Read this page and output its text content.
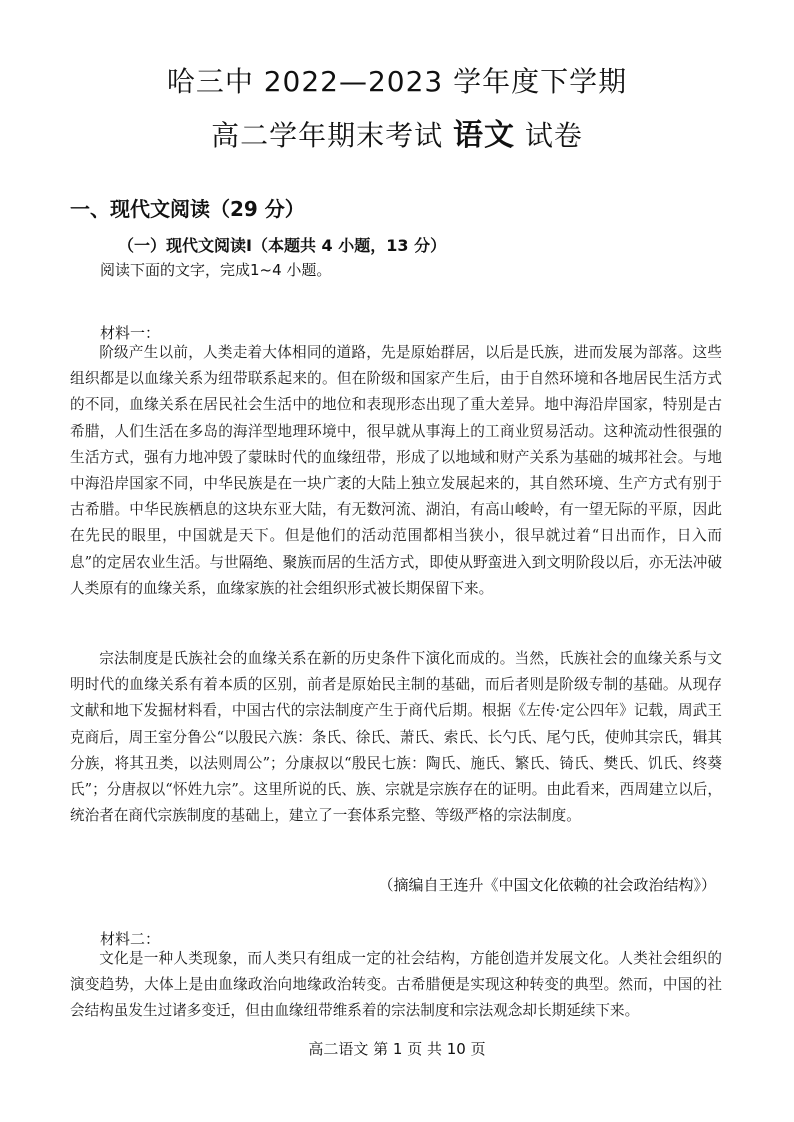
哈三中 2022—2023 学年度下学期
高二学年期末考试 语文 试卷
一、现代文阅读（29 分）
（一）现代文阅读Ⅰ（本题共 4 小题，13 分）
阅读下面的文字，完成1~4 小题。
材料一：
阶级产生以前，人类走着大体相同的道路，先是原始群居，以后是氏族，进而发展为部落。这些组织都是以血缘关系为纽带联系起来的。但在阶级和国家产生后，由于自然环境和各地居民生活方式的不同，血缘关系在居民社会生活中的地位和表现形态出现了重大差异。地中海沿岸国家，特别是古希腊，人们生活在多岛的海洋型地理环境中，很早就从事海上的工商业贸易活动。这种流动性很强的生活方式，强有力地冲毁了蒙昧时代的血缘纽带，形成了以地域和财产关系为基础的城邦社会。与地中海沿岸国家不同，中华民族是在一块广袤的大陆上独立发展起来的，其自然环境、生产方式有别于古希腊。中华民族栖息的这块东亚大陆，有无数河流、湖泊，有高山峻岭，有一望无际的平原，因此在先民的眼里，中国就是天下。但是他们的活动范围都相当狭小，很早就过着“日出而作，日入而息”的定居农业生活。与世隔绝、聚族而居的生活方式，即使从野蛮进入到文明阶段以后，亦无法冲破人类原有的血缘关系，血缘家族的社会组织形式被长期保留下来。
宗法制度是氏族社会的血缘关系在新的历史条件下演化而成的。当然，氏族社会的血缘关系与文明时代的血缘关系有着本质的区别，前者是原始民主制的基础，而后者则是阶级专制的基础。从现存文献和地下发掘材料看，中国古代的宗法制度产生于商代后期。根据《左传·定公四年》记载，周武王克商后，周王室分鲁公“以殷民六族：条氏、徐氏、萧氏、索氏、长勺氏、尾勺氏，使帅其宗氏，辑其分族，将其丑类，以法则周公”；分康叔以“殷民七族：陶氏、施氏、繁氏、锜氏、樊氏、饥氏、终葵氏”；分唐叔以“怀姓九宗”。这里所说的氏、族、宗就是宗族存在的证明。由此看来，西周建立以后，统治者在商代宗族制度的基础上，建立了一套体系完整、等级严格的宗法制度。
（摘编自王连升《中国文化依赖的社会政治结构》）
材料二：
文化是一种人类现象，而人类只有组成一定的社会结构，方能创造并发展文化。人类社会组织的演变趋势，大体上是由血缘政治向地缘政治转变。古希腊便是实现这种转变的典型。然而，中国的社会结构虽发生过诸多变迁，但由血缘纽带维系着的宗法制度和宗法观念却长期延续下来。
高二语文 第 1 页 共 10 页
